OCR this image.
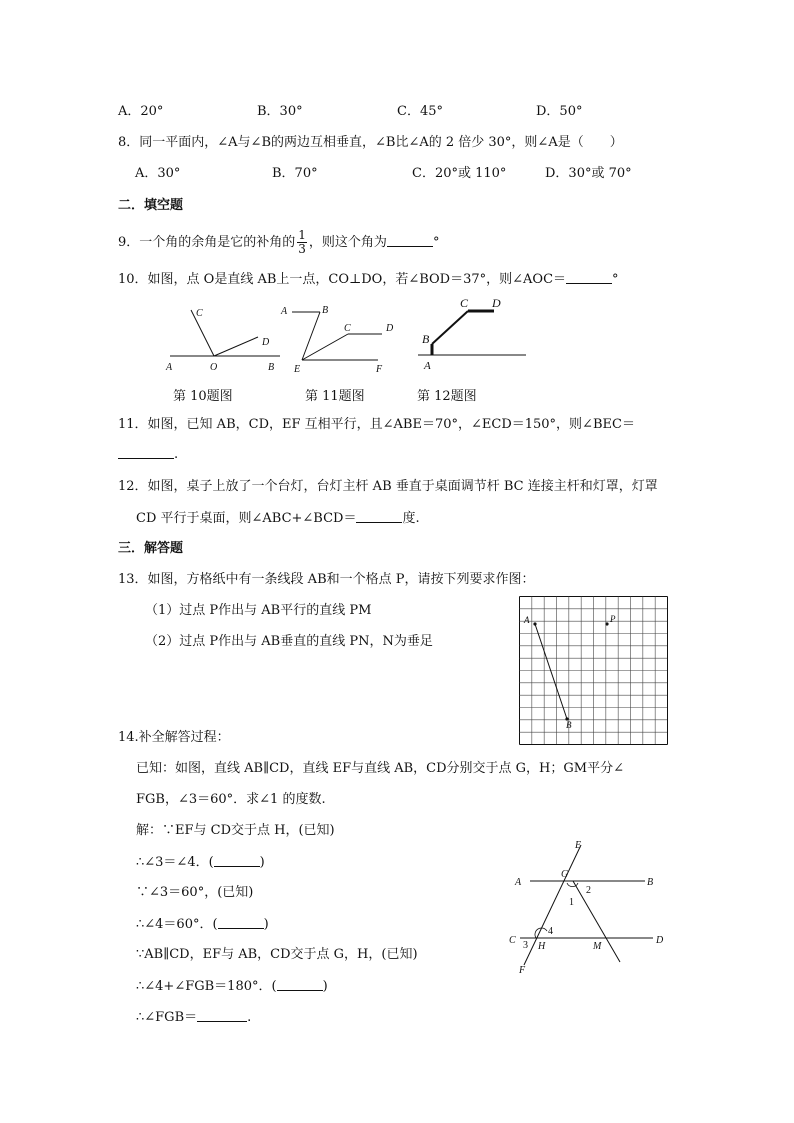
A．20°	B．30°	C．45°	D．50°
8．同一平面内，∠A与∠B的两边互相垂直，∠B比∠A的 2 倍少 30°，则∠A是（　　）
A．30°	B．70°	C．20°或 110°	D．30°或 70°
二．填空题
9．一个角的余角是它的补角的 $\frac{1}{3}$ ，则这个角为	°
10．如图，点 O是直线 AB上一点，CO⊥DO，若∠BOD＝37°，则∠AOC＝	°
C
D
A	O	B
A	B
C	D
E	F
C D
B
A
第 10题图	第 11题图	第 12题图
11．如图，已知 AB，CD，EF 互相平行，且∠ABE＝70°，∠ECD＝150°，则∠BEC＝
.
12．如图，桌子上放了一个台灯，台灯主杆 AB 垂直于桌面调节杆 BC 连接主杆和灯罩，灯罩
CD 平行于桌面，则∠ABC+∠BCD＝	度.
三．解答题
13．如图，方格纸中有一条线段 AB和一个格点 P，请按下列要求作图：
（1）过点 P作出与 AB平行的直线 PM
（2）过点 P作出与 AB垂直的直线 PN，N为垂足
A	P
B
14.补全解答过程：
已知：如图，直线 AB∥CD，直线 EF与直线 AB，CD分别交于点 G，H；GM平分∠
FGB，∠3＝60°．求∠1 的度数.
解：∵EF与 CD交于点 H，(已知)
∴∠3＝∠4．(	)
∵∠3＝60°，(已知)
∴∠4＝60°．(	)
∵AB∥CD，EF与 AB，CD交于点 G，H，(已知)
∴∠4+∠FGB＝180°．(	)
∴∠FGB＝	.
E
G
A	B
2
1
C 3
4
H	M
D
F
